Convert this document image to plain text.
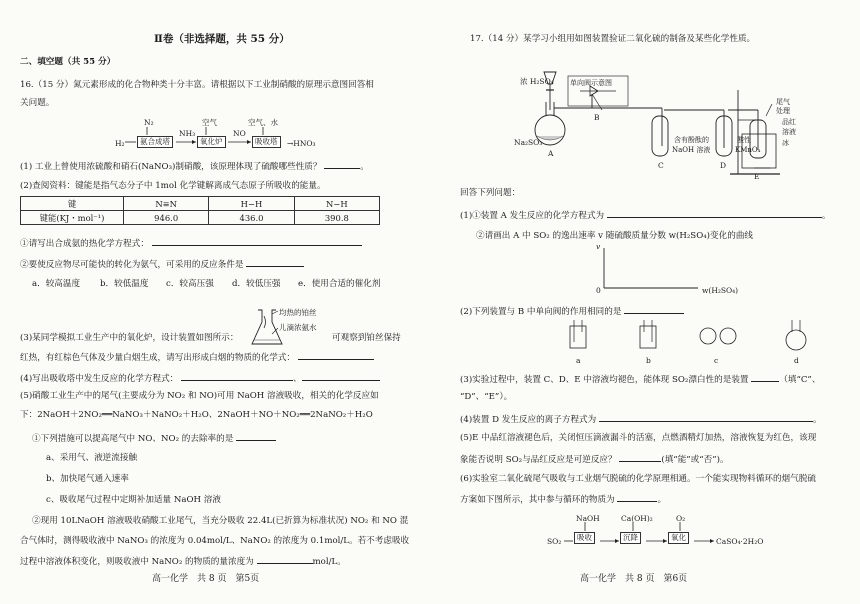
Ⅱ卷（非选择题，共 55 分）
二、填空题（共 55 分）
16.（15 分）氮元素形成的化合物种类十分丰富。请根据以下工业制硝酸的原理示意图回答相
关问题。
H₂
N₂
氨合成塔
NH₃
空气
氧化炉
NO
空气、水
吸收塔	→HNO₃
(1) 工业上曾使用浓硫酸和硝石(NaNO₃)制硝酸，该原理体现了硫酸哪些性质？	。
(2)查阅资料：键能是指气态分子中 1mol 化学键解离成气态原子所吸收的能量。
键	N≡N	H−H	N−H
键能(KJ・mol⁻¹)	946.0	436.0	390.8
①请写出合成氨的热化学方程式：
②要使反应物尽可能快的转化为氨气，可采用的反应条件是
a．较高温度 b．较低温度 c．较高压强 d．较低压强 e．使用合适的催化剂
均热的铂丝
儿滴浓氨水
(3)某同学模拟工业生产中的氧化炉，设计装置如图所示：	可观察到铂丝保持
红热，有红棕色气体及少量白烟生成，请写出形成白烟的物质的化学式：
(4)写出吸收塔中发生反应的化学方程式：	、
(5)硝酸工业生产中的尾气(主要成分为 NO₂ 和 NO)可用 NaOH 溶液吸收，相关的化学反应如
下：2NaOH＋2NO₂══NaNO₃＋NaNO₂＋H₂O、2NaOH＋NO＋NO₂══2NaNO₂＋H₂O
①下列措施可以提高尾气中 NO、NO₂ 的去除率的是
a、采用气、液逆流接触
b、加快尾气通入速率
c、吸收尾气过程中定期补加适量 NaOH 溶液
②现用 10LNaOH 溶液吸收硝酸工业尾气，当充分吸收 22.4L(已折算为标准状况) NO₂ 和 NO 混
合气体时，测得吸收液中 NaNO₃ 的浓度为 0.04mol/L、NaNO₂ 的浓度为 0.1mol/L。若不考虑吸收
过程中溶液体积变化，则吸收液中 NaNO₂ 的物质的量浓度为	mol/L。
高一化学　共 8 页　第5页
17.（14 分）某学习小组用如图装置验证二氧化硫的制备及某些化学性质。
浓 H₂SO₄ 单向阀示意图
Na₂SO₃
A
B
C	D
E
含有酚酞的
NaOH 溶液
酸性
KMnO₄
尾气
处理
品红
溶液
冰
回答下列问题：
(1)①装置 A 发生反应的化学方程式为	。
②请画出 A 中 SO₂ 的逸出速率 v 随硫酸质量分数 w(H₂SO₄)变化的曲线
v
0	w(H₂SO₄)
(2)下列装置与 B 中单向阀的作用相同的是
a	b	c	d
(3)实验过程中，装置 C、D、E 中溶液均褪色，能体现 SO₂漂白性的是装置	（填“C”、
“D”、“E”）。
(4)装置 D 发生反应的离子方程式为	。
(5)E 中品红溶液褪色后，关闭恒压滴液漏斗的活塞，点燃酒精灯加热，溶液恢复为红色，该现
象能否说明 SO₂与品红反应是可逆反应？	(填“能”或“否”)。
(6)实验室二氧化硫尾气吸收与工业烟气脱硫的化学原理相通。一个能实现物料循环的烟气脱硫
方案如下图所示，其中参与循环的物质为	。
NaOH	Ca(OH)₂	O₂
SO₂	吸收	沉降	氧化	CaSO₄·2H₂O
高一化学　共 8 页　第6页
